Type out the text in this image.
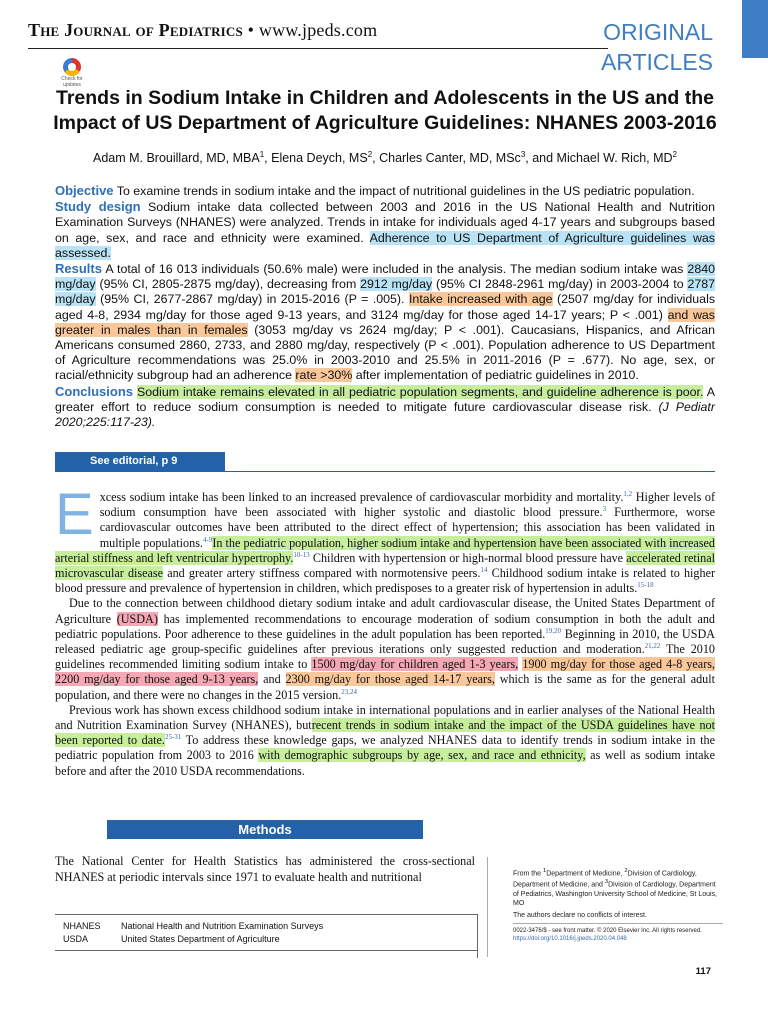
The Journal of Pediatrics • www.jpeds.com	ORIGINAL
ARTICLES
Check for updates
Trends in Sodium Intake in Children and Adolescents in the US and the Impact of US Department of Agriculture Guidelines: NHANES 2003-2016
Adam M. Brouillard, MD, MBA$^1$, Elena Deych, $MS^2$, Charles Canter, MD, MSc$^3$, and Michael W. Rich, $MD^2$
Objective To examine trends in sodium intake and the impact of nutritional guidelines in the US pediatric population.
Study design Sodium intake data collected between 2003 and 2016 in the US National Health and Nutrition Examination Surveys (NHANES) were analyzed. Trends in intake for individuals aged 4-17 years and subgroups based on age, sex, and race and ethnicity were examined. Adherence to US Department of Agriculture guidelines was assessed.
Results A total of 16 013 individuals (50.6% male) were included in the analysis. The median sodium intake was 2840 mg/day (95% CI, 2805-2875 mg/day), decreasing from 2912 mg/day (95% CI 2848-2961 mg/day) in 2003-2004 to 2787 mg/day (95% CI, 2677-2867 mg/day) in 2015-2016 (P = .005). Intake increased with age (2507 mg/day for individuals aged 4-8, 2934 mg/day for those aged 9-13 years, and 3124 mg/day for those aged 14-17 years; P < .001) and was greater in males than in females (3053 mg/day vs 2624 mg/day; P < .001). Caucasians, Hispanics, and African Americans consumed 2860, 2733, and 2880 mg/day, respectively (P < .001). Population adherence to US Department of Agriculture recommendations was 25.0% in 2003-2010 and 25.5% in 2011-2016 (P = .677). No age, sex, or racial/ethnicity subgroup had an adherence rate >30% after implementation of pediatric guidelines in 2010.
Conclusions Sodium intake remains elevated in all pediatric population segments, and guideline adherence is poor. A greater effort to reduce sodium consumption is needed to mitigate future cardiovascular disease risk. (J Pediatr 2020;225:117-23).
See editorial, p 9

Excess sodium intake has been linked to an increased prevalence of cardiovascular morbidity and mortality.$^{1,2}$ Higher levels of sodium consumption have been associated with higher systolic and diastolic blood pressure.$^3$ Furthermore, worse cardiovascular outcomes have been attributed to the direct effect of hypertension; this association has been validated in multiple populations.$^{4-9}$In the pediatric population, higher sodium intake and hypertension have been associated with increased arterial stiffness and left ventricular hypertrophy.$^{10-13}$ Children with hypertension or high-normal blood pressure have accelerated retinal microvascular disease and greater artery stiffness compared with normotensive peers.$^{14}$ Childhood sodium intake is related to higher blood pressure and prevalence of hypertension in children, which predisposes to a greater risk of hypertension in adults.$^{15-18}$

Due to the connection between childhood dietary sodium intake and adult cardiovascular disease, the United States Department of Agriculture (USDA) has implemented recommendations to encourage moderation of sodium consumption in both the adult and pediatric populations. Poor adherence to these guidelines in the adult population has been reported.$^{19,20}$ Beginning in 2010, the USDA released pediatric age group-specific guidelines after previous iterations only suggested reduction and moderation.$^{21,22}$ The 2010 guidelines recommended limiting sodium intake to 1500 mg/day for children aged 1-3 years, 1900 mg/day for those aged 4-8 years, 2200 mg/day for those aged 9-13 years, and 2300 mg/day for those aged 14-17 years, which is the same as for the general adult population, and there were no changes in the 2015 version.$^{23,24}$

Previous work has shown excess childhood sodium intake in international populations and in earlier analyses of the National Health and Nutrition Examination Survey (NHANES), butrecent trends in sodium intake and the impact of the USDA guidelines have not been reported to date.$^{25-31}$ To address these knowledge gaps, we analyzed NHANES data to identify trends in sodium intake in the pediatric population from 2003 to 2016 with demographic subgroups by age, sex, and race and ethnicity, as well as sodium intake before and after the 2010 USDA recommendations.

Methods
The National Center for Health Statistics has administered the cross-sectional NHANES at periodic intervals since 1971 to evaluate health and nutritional
NHANES	National Health and Nutrition Examination Surveys
USDA	United States Department of Agriculture

From the $^1$Department of Medicine, $^2$Division of Cardiology, Department of Medicine, and $^3$Division of Cardiology, Department of Pediatrics, Washington University School of Medicine, St Louis, MO

The authors declare no conflicts of interest.

0022-3476/$ - see front matter. © 2020 Elsevier Inc. All rights reserved.

https://doi.org/10.1016/j.jpeds.2020.04.048

117
